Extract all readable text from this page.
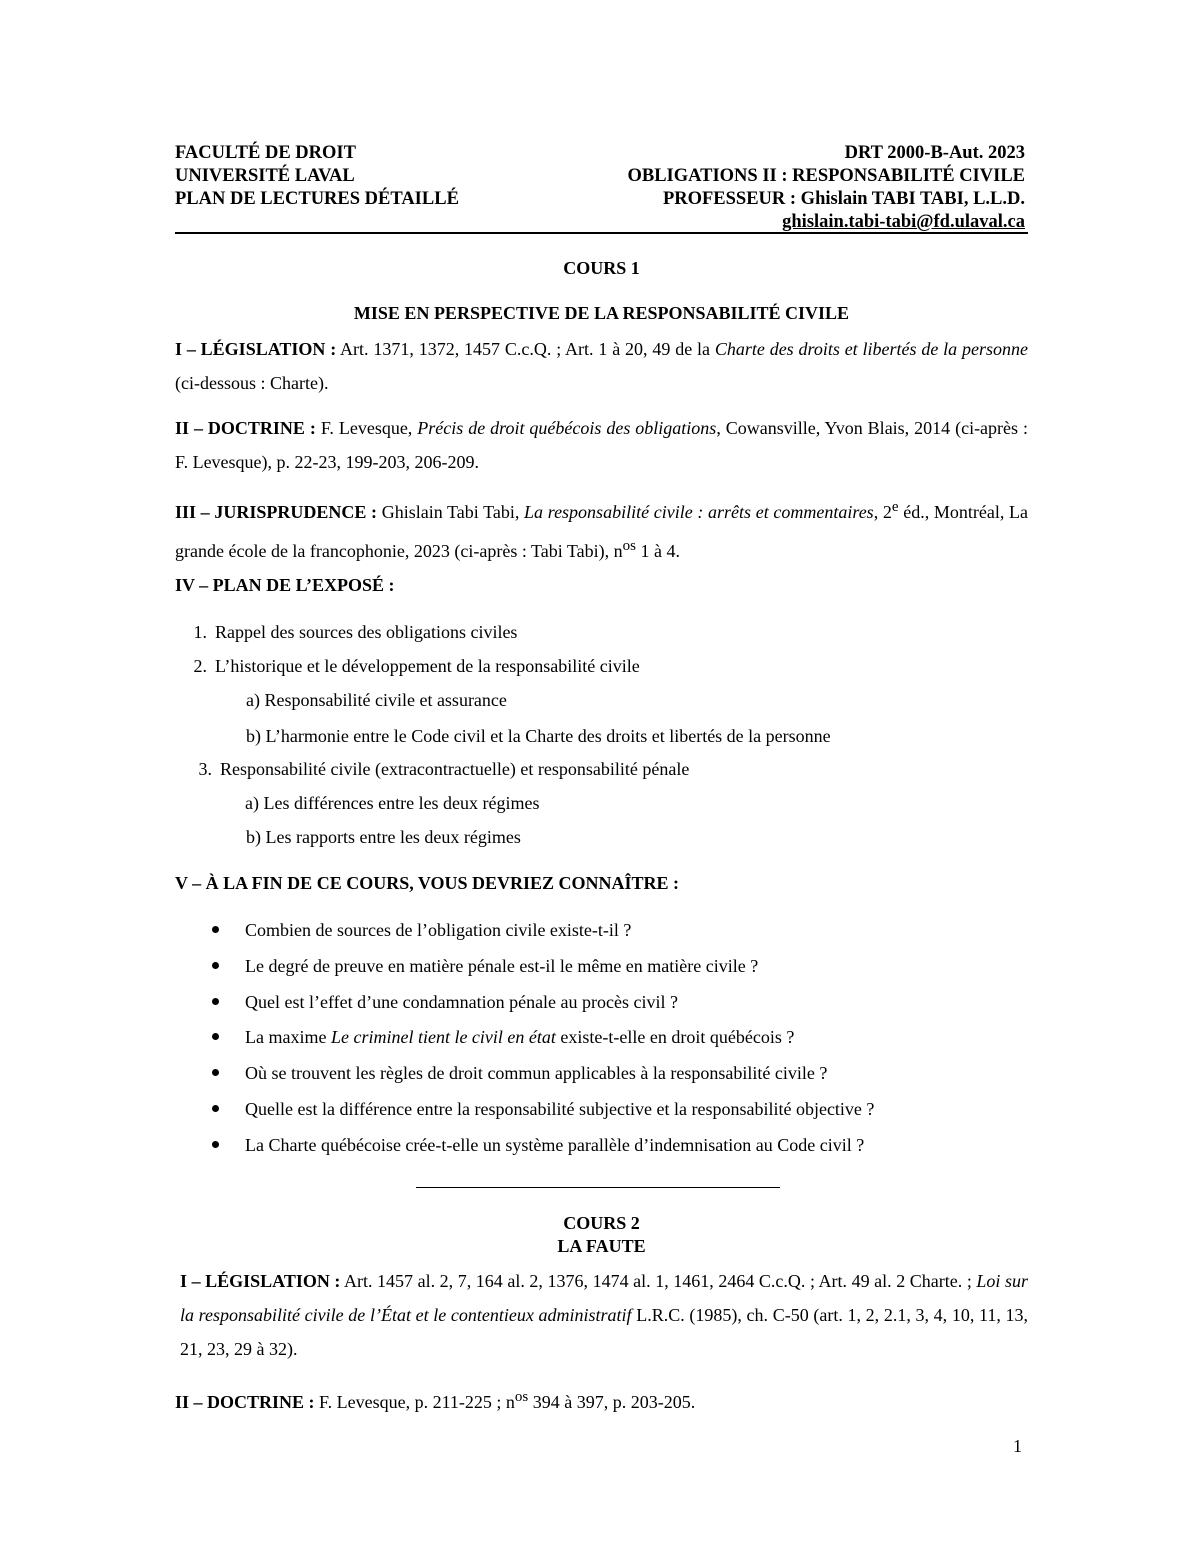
FACULTÉ DE DROIT	DRT 2000-B-Aut. 2023
UNIVERSITÉ LAVAL	OBLIGATIONS II : RESPONSABILITÉ CIVILE
PLAN DE LECTURES DÉTAILLÉ	PROFESSEUR : Ghislain TABI TABI, L.L.D.
ghislain.tabi-tabi@fd.ulaval.ca
COURS 1
MISE EN PERSPECTIVE DE LA RESPONSABILITÉ CIVILE
I – LÉGISLATION : Art. 1371, 1372, 1457 C.c.Q. ; Art. 1 à 20, 49 de la Charte des droits et libertés de la personne (ci-dessous : Charte).
II – DOCTRINE : F. Levesque, Précis de droit québécois des obligations, Cowansville, Yvon Blais, 2014 (ci-après : F. Levesque), p. 22-23, 199-203, 206-209.
III – JURISPRUDENCE : Ghislain Tabi Tabi, La responsabilité civile : arrêts et commentaires, 2e éd., Montréal, La grande école de la francophonie, 2023 (ci-après : Tabi Tabi), $n^{os}$ 1 à 4.
IV – PLAN DE L’EXPOSÉ :
1. Rappel des sources des obligations civiles
2. L’historique et le développement de la responsabilité civile
a) Responsabilité civile et assurance
b) L’harmonie entre le Code civil et la Charte des droits et libertés de la personne
3. Responsabilité civile (extracontractuelle) et responsabilité pénale
a) Les différences entre les deux régimes
b) Les rapports entre les deux régimes
V – À LA FIN DE CE COURS, VOUS DEVRIEZ CONNAÎTRE :
Combien de sources de l’obligation civile existe-t-il ?
Le degré de preuve en matière pénale est-il le même en matière civile ?
Quel est l’effet d’une condamnation pénale au procès civil ?
La maxime Le criminel tient le civil en état existe-t-elle en droit québécois ?
Où se trouvent les règles de droit commun applicables à la responsabilité civile ?
Quelle est la différence entre la responsabilité subjective et la responsabilité objective ?
La Charte québécoise crée-t-elle un système parallèle d’indemnisation au Code civil ?
COURS 2
LA FAUTE
I – LÉGISLATION : Art. 1457 al. 2, 7, 164 al. 2, 1376, 1474 al. 1, 1461, 2464 C.c.Q. ; Art. 49 al. 2 Charte. ; Loi sur la responsabilité civile de l’État et le contentieux administratif L.R.C. (1985), ch. C-50 (art. 1, 2, 2.1, 3, 4, 10, 11, 13, 21, 23, 29 à 32).
II – DOCTRINE : F. Levesque, p. 211-225 ; $n^{os}$ 394 à 397, p. 203-205.
1
